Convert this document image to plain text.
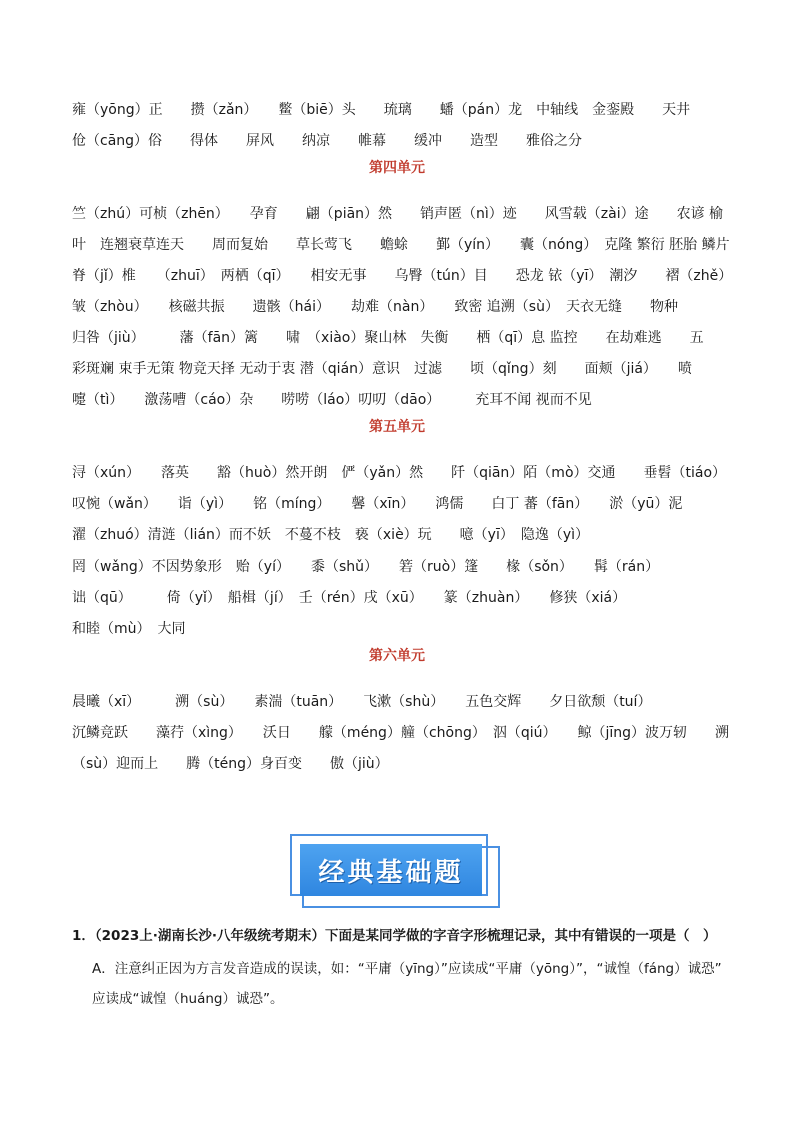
雍（yōng）正　　攒（zǎn）　　鳖（biē）头　　琉璃　　蟠（pán）龙　中轴线　金銮殿　　天井
伧（cāng）俗　　得体　　屏风　　纳凉　　帷幕　　缓冲　　造型　　雅俗之分
第四单元
竺（zhú）可桢（zhēn）　　孕育　　翩（piān）然　　销声匿（nì）迹　　风雪载（zài）途　　农谚 榆
叶　连翘衰草连天　　周而复始　　草长莺飞　　蟾蜍　　鄞（yín）　　囊（nóng）　克隆 繁衍 胚胎 鳞片
脊（jǐ）椎　　（zhuī）　两栖（qī）　　相安无事　　乌臀（tún）目　　恐龙 铱（yī）　潮汐　　褶（zhě）
皱（zhòu）　　核磁共振　　遗骸（hái）　　劫难（nàn）　　致密 追溯（sù）　天衣无缝　　物种
归咎（jiù）　　　藩（fān）篱　　啸　（xiào）聚山林　失衡　　栖（qī）息 监控　　在劫难逃　　五
彩斑斓 束手无策 物竞天择 无动于衷 潜（qián）意识　过滤　　顷（qǐng）刻　　面颊（jiá）　　喷
嚏（tì）　　激荡嘈（cáo）杂　　唠唠（láo）叨叨（dāo）　　　充耳不闻 视而不见
第五单元
浔（xún）　　落英　　豁（huò）然开朗　俨（yǎn）然　　阡（qiān）陌（mò）交通　　垂髫（tiáo）
叹惋（wǎn）　　诣（yì）　　铭（míng）　　馨（xīn）　　鸿儒　　白丁 蕃（fān）　　淤（yū）泥
濯（zhuó）清涟（lián）而不妖　不蔓不枝　亵（xiè）玩　　噫（yī）　隐逸（yì）
罔（wǎng）不因势象形　贻（yí）　　黍（shǔ）　　箬（ruò）篷　　椽（sǒn）　　髯（rán）
诎（qū）　　　倚（yǐ）　船楫（jí）　壬（rén）戌（xū）　　篆（zhuàn）　　修狭（xiá）
和睦（mù）　大同
第六单元
晨曦（xī）　　　溯（sù）　　素湍（tuān）　　飞漱（shù）　　五色交辉　　夕日欲颓（tuí）
沉鳞竞跃　　藻荇（xìng）　　沃日　　艨（méng）艟（chōng）　泅（qiú）　　鲸（jīng）波万轫　　溯
（sù）迎而上　　腾（téng）身百变　　傲（jiù）
经典基础题
1．（2023上·湖南长沙·八年级统考期末）下面是某同学做的字音字形梳理记录，其中有错误的一项是（　）
A．注意纠正因为方言发音造成的误读，如：“平庸（yīng）”应读成“平庸（yōng）”，“诚惶（fáng）诚恐”
应读成“诚惶（huáng）诚恐”。
